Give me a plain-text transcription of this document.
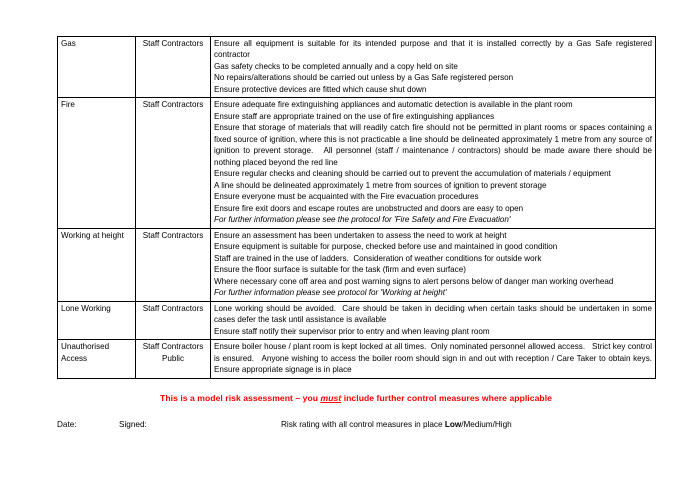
Gas	Staff Contractors	Ensure all equipment is suitable for its intended purpose and that it is installed correctly by a Gas Safe registered contractor
Gas safety checks to be completed annually and a copy held on site
No repairs/alterations should be carried out unless by a Gas Safe registered person
Ensure protective devices are fitted which cause shut down

Fire	Staff Contractors	Ensure adequate fire extinguishing appliances and automatic detection is available in the plant room
Ensure staff are appropriate trained on the use of fire extinguishing appliances
Ensure that storage of materials that will readily catch fire should not be permitted in plant rooms or spaces containing a fixed source of ignition, where this is not practicable a line should be delineated approximately 1 metre from any source of ignition to prevent storage.   All personnel (staff / maintenance / contractors) should be made aware there should be nothing placed beyond the red line
Ensure regular checks and cleaning should be carried out to prevent the accumulation of materials / equipment
A line should be delineated approximately 1 metre from sources of ignition to prevent storage
Ensure everyone must be acquainted with the Fire evacuation procedures
Ensure fire exit doors and escape routes are unobstructed and doors are easy to open
For further information please see the protocol for 'Fire Safety and Fire Evacuation'

Working at height	Staff Contractors	Ensure an assessment has been undertaken to assess the need to work at height
Ensure equipment is suitable for purpose, checked before use and maintained in good condition
Staff are trained in the use of ladders.  Consideration of weather conditions for outside work
Ensure the floor surface is suitable for the task (firm and even surface)
Where necessary cone off area and post warning signs to alert persons below of danger man working overhead
For further information please see protocol for 'Working at height'

Lone Working	Staff Contractors	Lone working should be avoided.  Care should be taken in deciding when certain tasks should be undertaken in some cases defer the task until assistance is available
Ensure staff notify their supervisor prior to entry and when leaving plant room

Unauthorised Access	Staff Contractors Public	Ensure boiler house / plant room is kept locked at all times.  Only nominated personnel allowed access.   Strict key control is ensured.   Anyone wishing to access the boiler room should sign in and out with reception / Care Taker to obtain keys.   Ensure appropriate signage is in place
This is a model risk assessment – you must include further control measures where applicable
Date:	Signed:	Risk rating with all control measures in place Low/Medium/High
